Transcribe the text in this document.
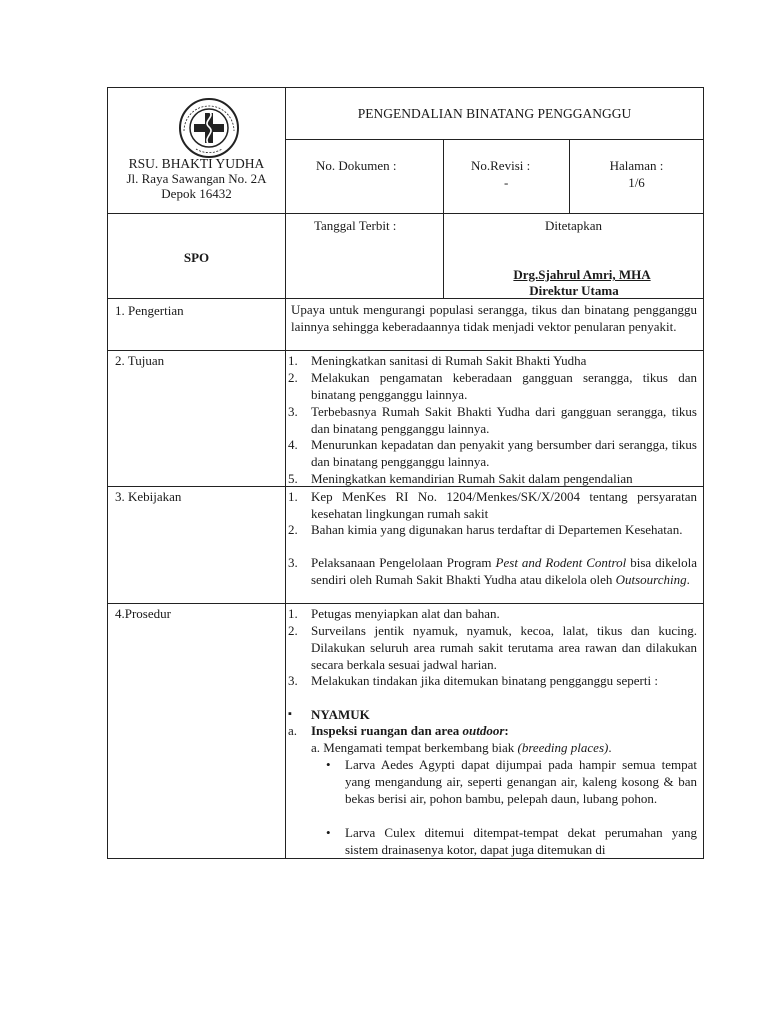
RSU. BHAKTI YUDHA
Jl. Raya Sawangan No. 2A
Depok 16432
PENGENDALIAN BINATANG PENGGANGGU
No. Dokumen :	No.Revisi :
-
Halaman :
1/6
SPO
Tanggal Terbit :	Ditetapkan
Drg.Sjahrul Amri, MHA
Direktur Utama
1. Pengertian	Upaya untuk mengurangi populasi serangga, tikus dan binatang pengganggu lainnya sehingga keberadaannya tidak menjadi vektor penularan penyakit.
2. Tujuan	1. Meningkatkan sanitasi di Rumah Sakit Bhakti Yudha
2. Melakukan pengamatan keberadaan gangguan serangga, tikus dan binatang pengganggu lainnya.
3. Terbebasnya Rumah Sakit Bhakti Yudha dari gangguan serangga, tikus dan binatang pengganggu lainnya.
4. Menurunkan kepadatan dan penyakit yang bersumber dari serangga, tikus dan binatang pengganggu lainnya.
5. Meningkatkan kemandirian Rumah Sakit dalam pengendalian
3. Kebijakan	1. Kep MenKes RI No. 1204/Menkes/SK/X/2004 tentang persyaratan kesehatan lingkungan rumah sakit
2. Bahan kimia yang digunakan harus terdaftar di Departemen Kesehatan.
3. Pelaksanaan Pengelolaan Program Pest and Rodent Control bisa dikelola sendiri oleh Rumah Sakit Bhakti Yudha atau dikelola oleh Outsourching.
4.Prosedur	1. Petugas menyiapkan alat dan bahan.
2. Surveilans jentik nyamuk, nyamuk, kecoa, lalat, tikus dan kucing. Dilakukan seluruh area rumah sakit terutama area rawan dan dilakukan secara berkala sesuai jadwal harian.
3. Melakukan tindakan jika ditemukan binatang pengganggu seperti :
▪ NYAMUK
a. Inspeksi ruangan dan area outdoor:
a. Mengamati tempat berkembang biak (breeding places).
• Larva Aedes Agypti dapat dijumpai pada hampir semua tempat yang mengandung air, seperti genangan air, kaleng kosong & ban bekas berisi air, pohon bambu, pelepah daun, lubang pohon.
• Larva Culex ditemui ditempat-tempat dekat perumahan yang sistem drainasenya kotor, dapat juga ditemukan di
